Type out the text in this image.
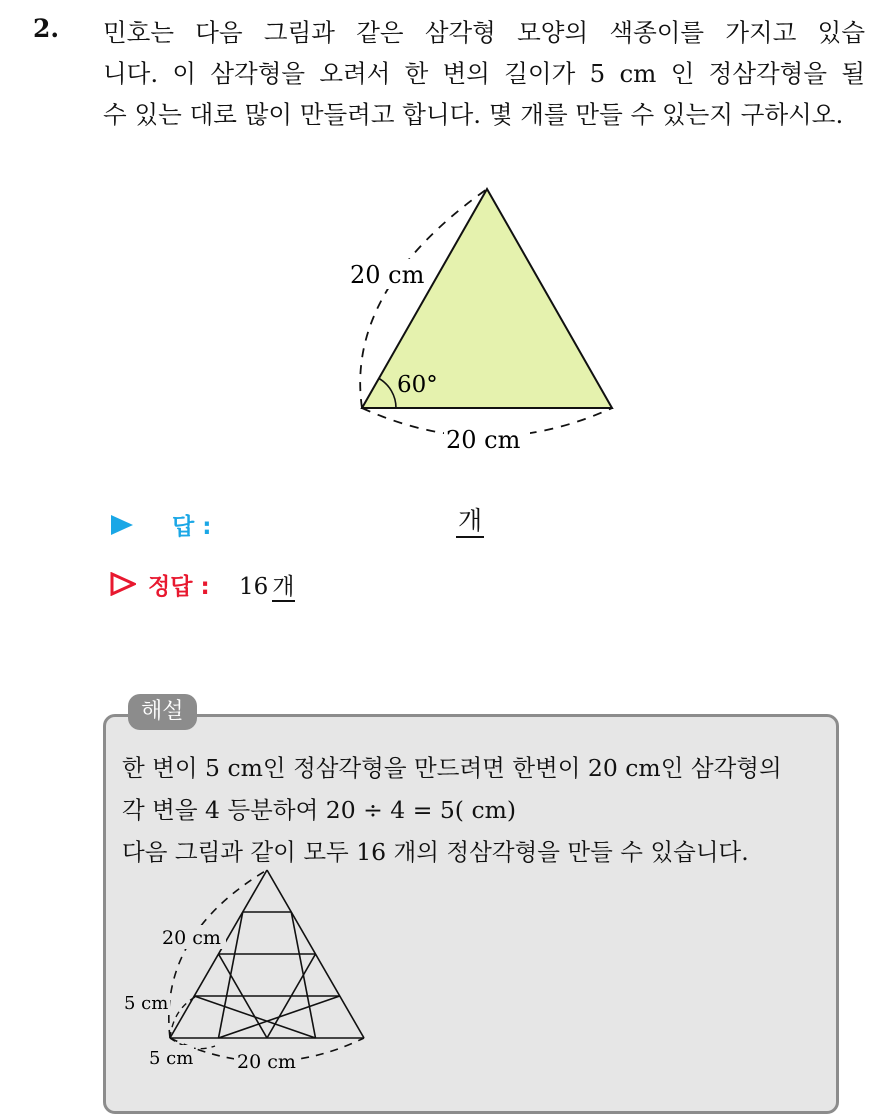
2. 민호는 다음 그림과 같은 삼각형 모양의 색종이를 가지고 있습
니다. 이 삼각형을 오려서 한 변의 길이가 5 cm 인 정삼각형을 될
수 있는 대로 많이 만들려고 합니다. 몇 개를 만들 수 있는지 구하시오.
20 cm
60°
20 cm
답 :	개
정답 : 16 개
해설
한 변이 5 cm인 정삼각형을 만드려면 한변이 20 cm인 삼각형의
각 변을 4 등분하여 20 ÷ 4 = 5( cm)
다음 그림과 같이 모두 16 개의 정삼각형을 만들 수 있습니다.
20 cm
5 cm
5 cm 20 cm
